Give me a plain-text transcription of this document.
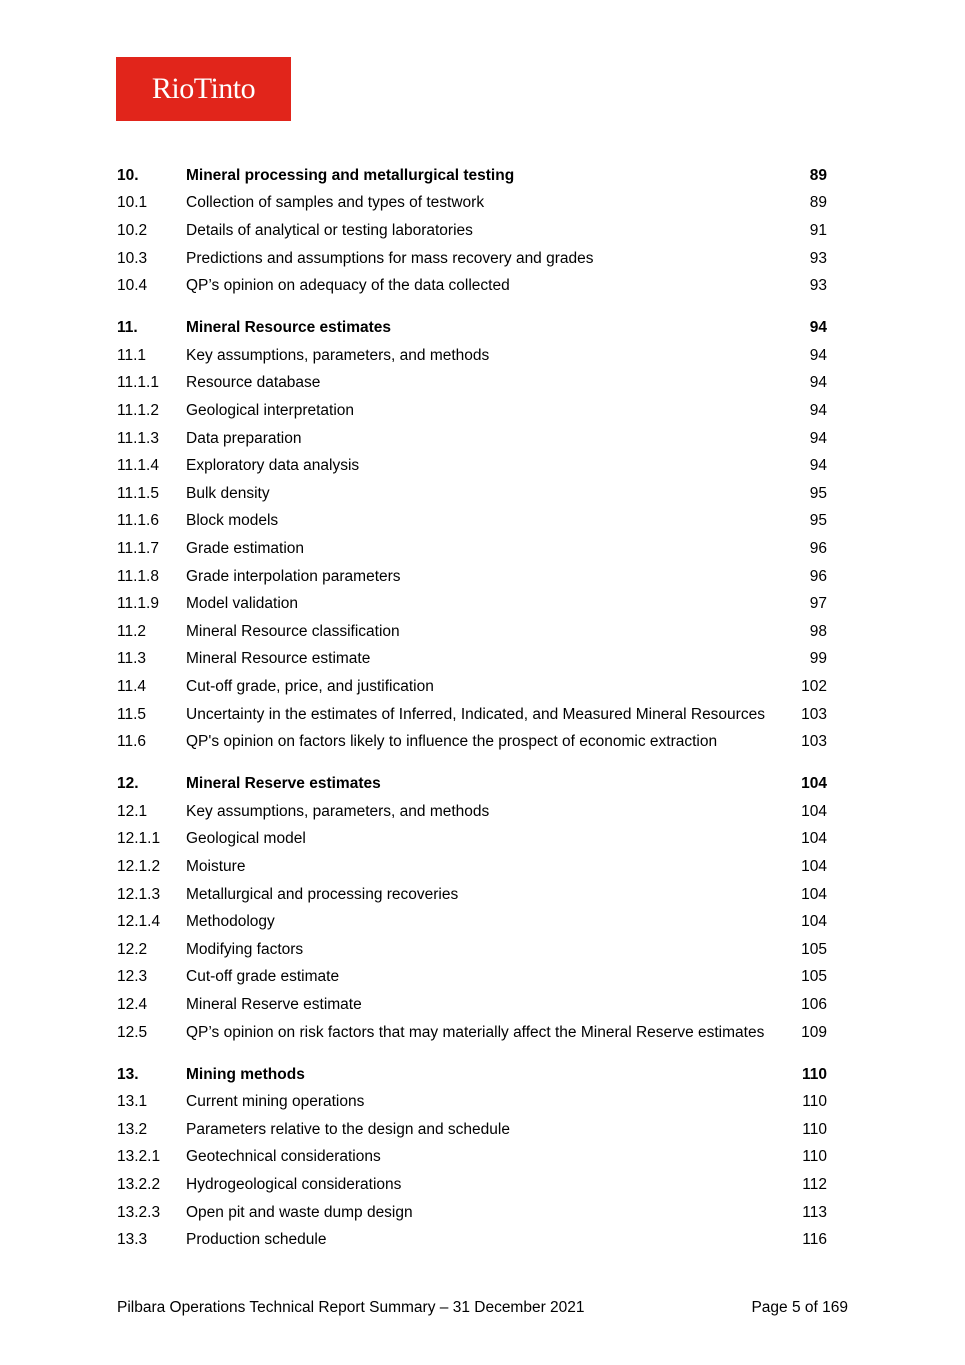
RioTinto
10.	Mineral processing and metallurgical testing	89
10.1	Collection of samples and types of testwork	89
10.2	Details of analytical or testing laboratories	91
10.3	Predictions and assumptions for mass recovery and grades	93
10.4	QP’s opinion on adequacy of the data collected	93
11.	Mineral Resource estimates	94
11.1	Key assumptions, parameters, and methods	94
11.1.1	Resource database	94
11.1.2	Geological interpretation	94
11.1.3	Data preparation	94
11.1.4	Exploratory data analysis	94
11.1.5	Bulk density	95
11.1.6	Block models	95
11.1.7	Grade estimation	96
11.1.8	Grade interpolation parameters	96
11.1.9	Model validation	97
11.2	Mineral Resource classification	98
11.3	Mineral Resource estimate	99
11.4	Cut-off grade, price, and justification	102
11.5	Uncertainty in the estimates of Inferred, Indicated, and Measured Mineral Resources	103
11.6	QP's opinion on factors likely to influence the prospect of economic extraction	103
12.	Mineral Reserve estimates	104
12.1	Key assumptions, parameters, and methods	104
12.1.1	Geological model	104
12.1.2	Moisture	104
12.1.3	Metallurgical and processing recoveries	104
12.1.4	Methodology	104
12.2	Modifying factors	105
12.3	Cut-off grade estimate	105
12.4	Mineral Reserve estimate	106
12.5	QP’s opinion on risk factors that may materially affect the Mineral Reserve estimates	109
13.	Mining methods	110
13.1	Current mining operations	110
13.2	Parameters relative to the design and schedule	110
13.2.1	Geotechnical considerations	110
13.2.2	Hydrogeological considerations	112
13.2.3	Open pit and waste dump design	113
13.3	Production schedule	116
Pilbara Operations Technical Report Summary – 31 December 2021	Page 5 of 169
